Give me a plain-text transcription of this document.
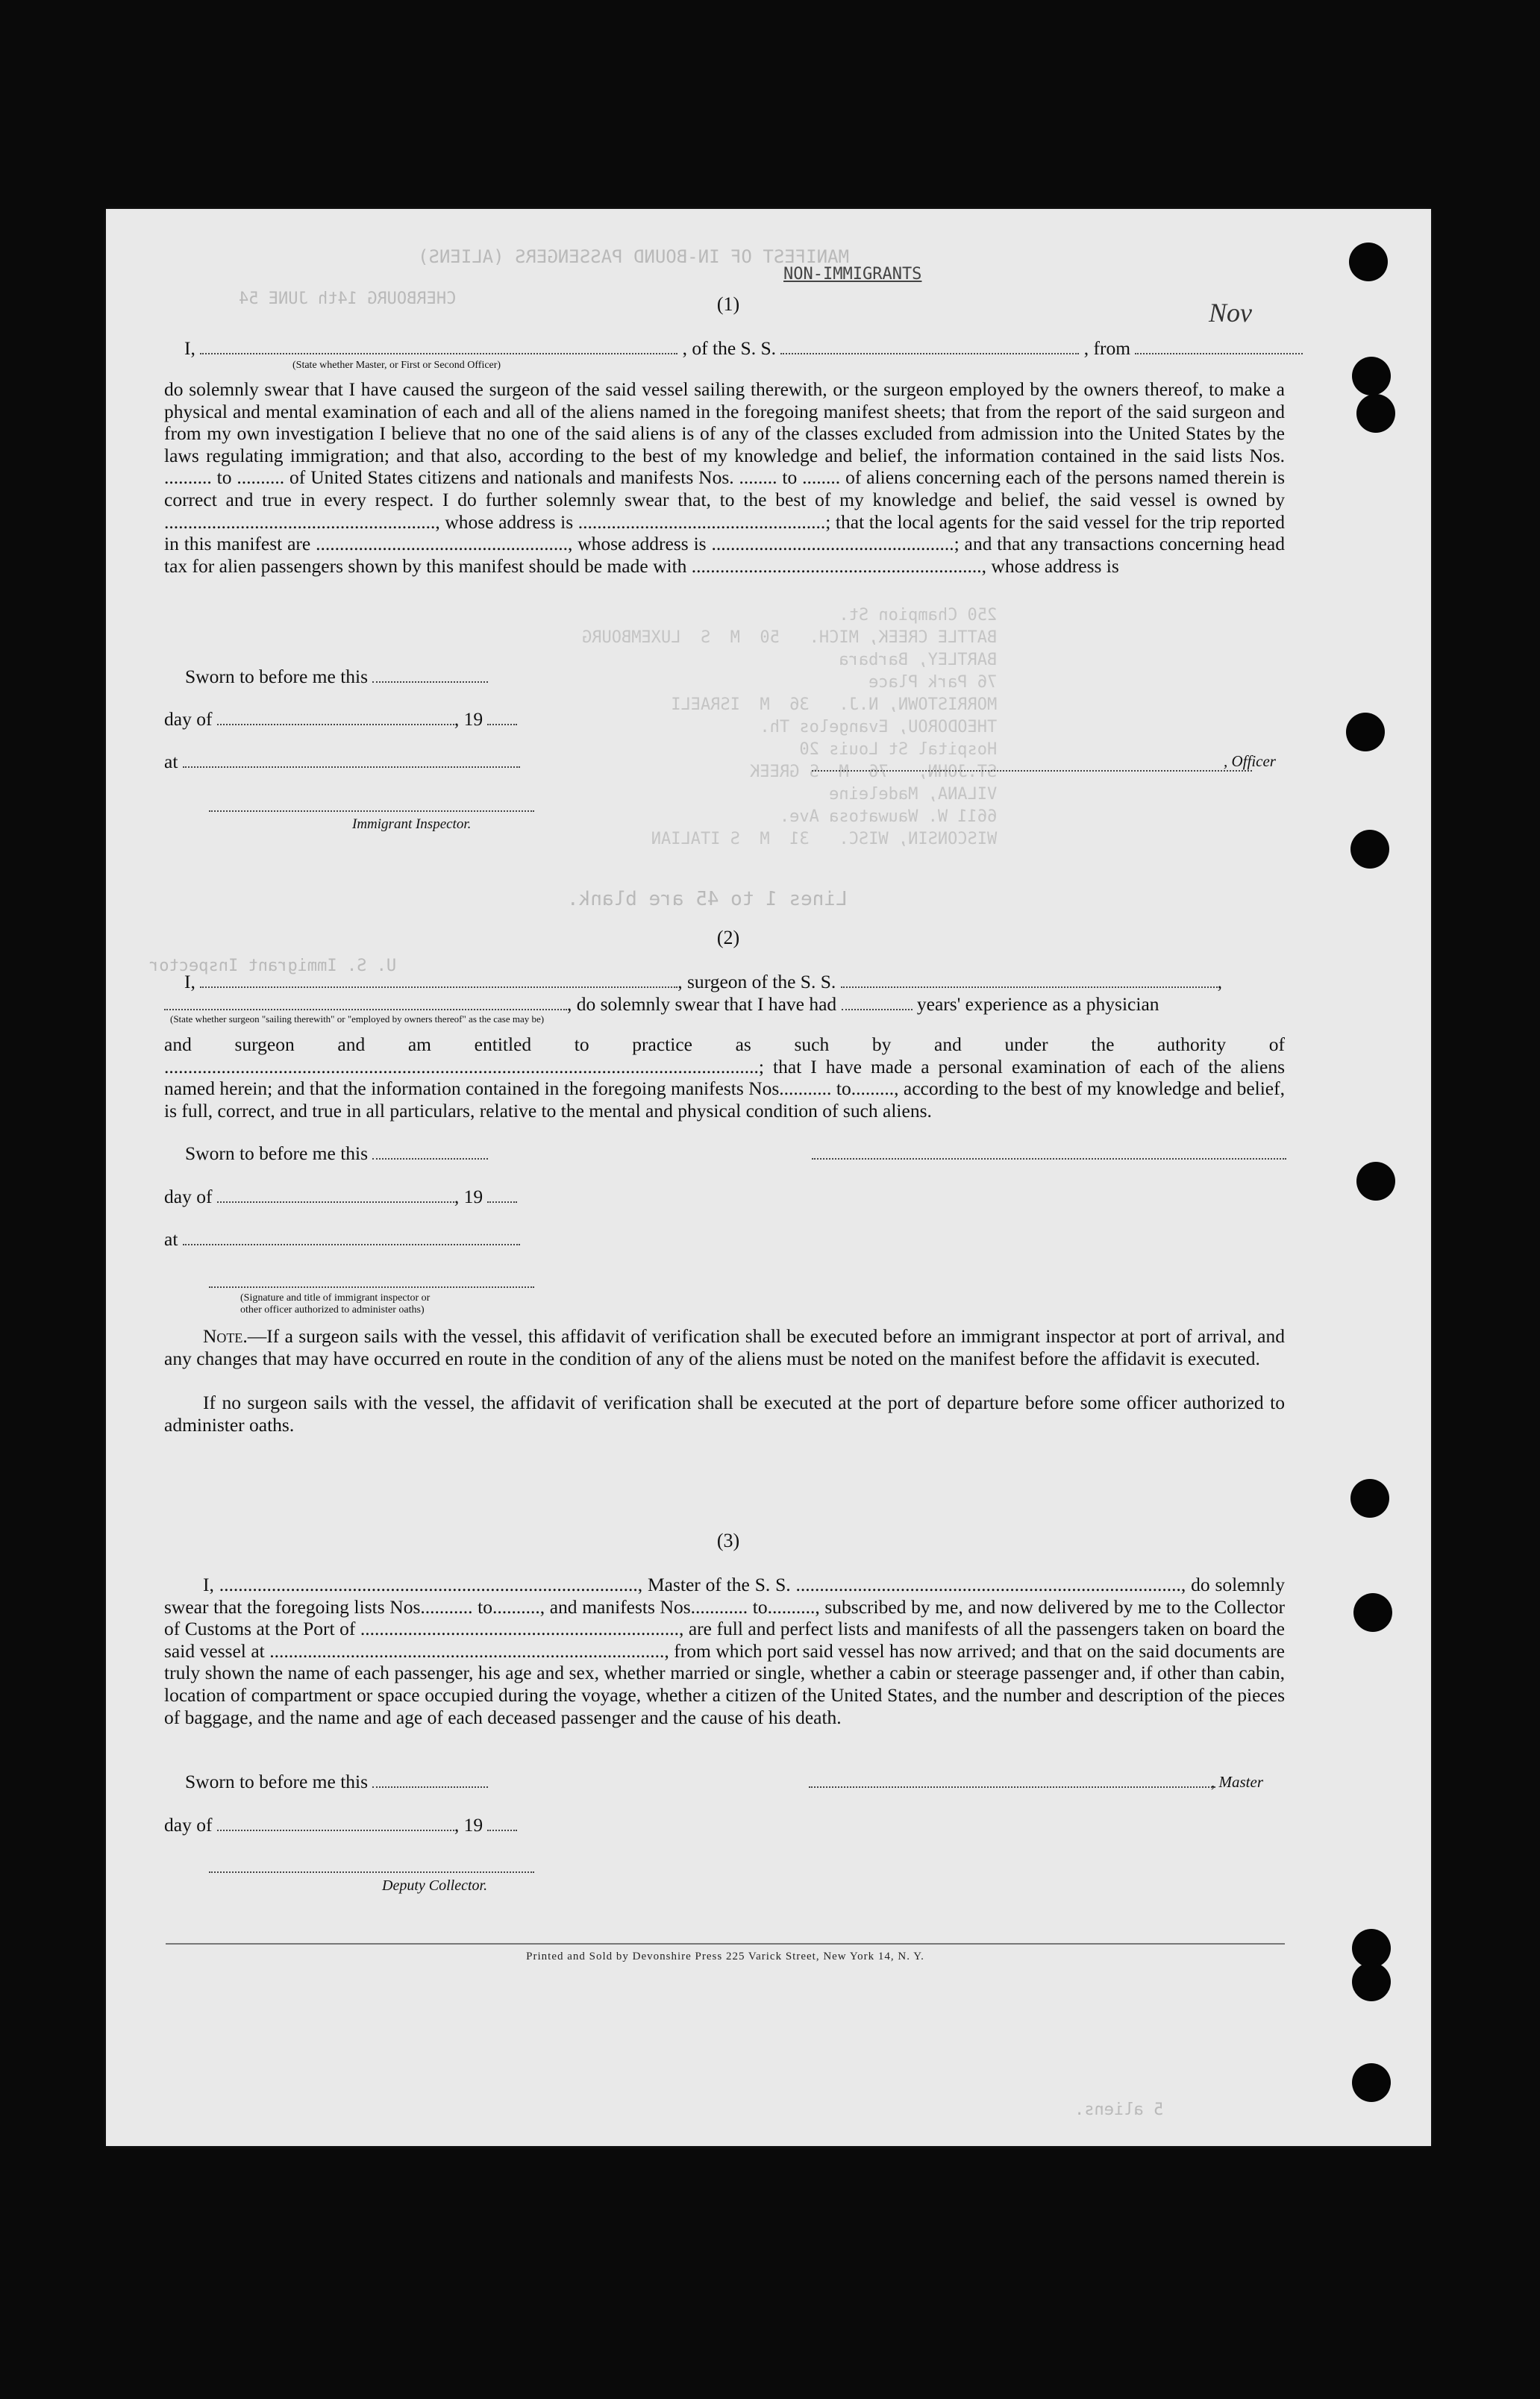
MANIFEST OF IN-BOUND PASSENGERS (ALIENS)
CHERBOURG 14th JUNE 54
250 Champion St.
BATTLE CREEK, MICH.   50  M  S  LUXEMBOURG
BARTLEY, Barbara
76 Park Place
MORRISTOWN, N.J.   36  M  ISRAELI
THEODOROU, Evangelos Th.
Hospital St Louis 20
ST.JOHN,   76  M  S GREEK
VILANA, Madeleine
6611 W. Wauwatosa Ave.
WISCONSIN, WISC.   31  M  S ITALIAN
Lines 1 to 45 are blank.
U. S. Immigrant Inspector
5 aliens.
NON-IMMIGRANTS
Nov
(1)
I,	, of the S. S.	, from
(State whether Master, or First or Second Officer)
do solemnly swear that I have caused the surgeon of the said vessel sailing therewith, or the surgeon employed by the owners thereof, to make a physical and mental examination of each and all of the aliens named in the foregoing manifest sheets; that from the report of the said surgeon and from my own investigation I believe that no one of the said aliens is of any of the classes excluded from admission into the United States by the laws regulating immigration; and that also, according to the best of my knowledge and belief, the information contained in the said lists Nos. .......... to .......... of United States citizens and nationals and manifests Nos. ........ to ........ of aliens concerning each of the persons named therein is correct and true in every respect. I do further solemnly swear that, to the best of my knowledge and belief, the said vessel is owned by ........................................................., whose address is ....................................................; that the local agents for the said vessel for the trip reported in this manifest are ....................................................., whose address is ...................................................; and that any transactions concerning head tax for alien passengers shown by this manifest should be made with ............................................................., whose address is
Sworn to before me this
day of	, 19
at	, Officer
Immigrant Inspector.
(2)
I,	, surgeon of the S. S.	,
, do solemnly swear that I have had	years' experience as a physician
(State whether surgeon "sailing therewith" or "employed by owners thereof" as the case may be)
and surgeon and am entitled to practice as such by and under the authority of .............................................................................................................................; that I have made a personal examination of each of the aliens named herein; and that the information contained in the foregoing manifests Nos........... to........., according to the best of my knowledge and belief, is full, correct, and true in all particulars, relative to the mental and physical condition of such aliens.
Sworn to before me this
day of	, 19
at
(Signature and title of immigrant inspector or
other officer authorized to administer oaths)
Note.—If a surgeon sails with the vessel, this affidavit of verification shall be executed before an immigrant inspector at port of arrival, and any changes that may have occurred en route in the condition of any of the aliens must be noted on the manifest before the affidavit is executed.
If no surgeon sails with the vessel, the affidavit of verification shall be executed at the port of departure before some officer authorized to administer oaths.
(3)
I, ........................................................................................, Master of the S. S. ................................................................................., do solemnly swear that the foregoing lists Nos........... to.........., and manifests Nos............ to.........., subscribed by me, and now delivered by me to the Collector of Customs at the Port of ..................................................................., are full and perfect lists and manifests of all the passengers taken on board the said vessel at ..................................................................................., from which port said vessel has now arrived; and that on the said documents are truly shown the name of each passenger, his age and sex, whether married or single, whether a cabin or steerage passenger and, if other than cabin, location of compartment or space occupied during the voyage, whether a citizen of the United States, and the number and description of the pieces of baggage, and the name and age of each deceased passenger and the cause of his death.
Sworn to before me this	, Master
day of	, 19
Deputy Collector.
Printed and Sold by Devonshire Press 225 Varick Street, New York 14, N. Y.
